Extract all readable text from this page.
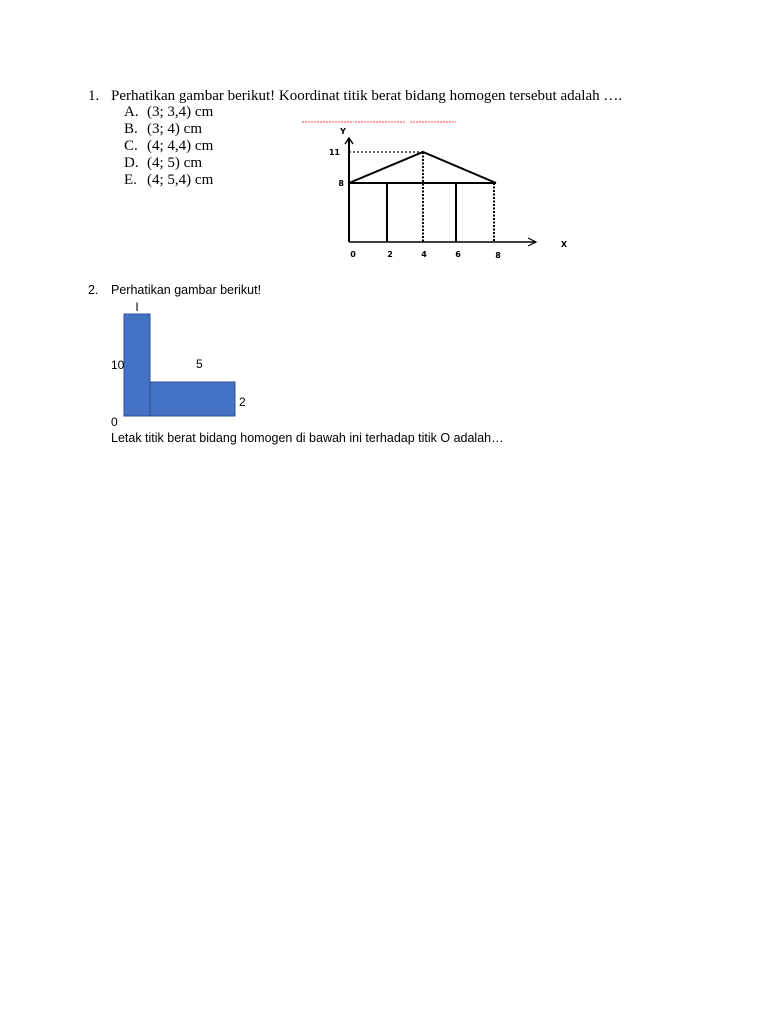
1. Perhatikan gambar berikut! Koordinat titik berat bidang homogen tersebut adalah ….
A. (3; 3,4) cm
B. (3; 4) cm
C. (4; 4,4) cm
D. (4; 5) cm
E. (4; 5,4) cm
Y
X
11
8
0	2	4	6	8
2. Perhatikan gambar berikut!
I
10	5
2
0
Letak titik berat bidang homogen di bawah ini terhadap titik O adalah…
